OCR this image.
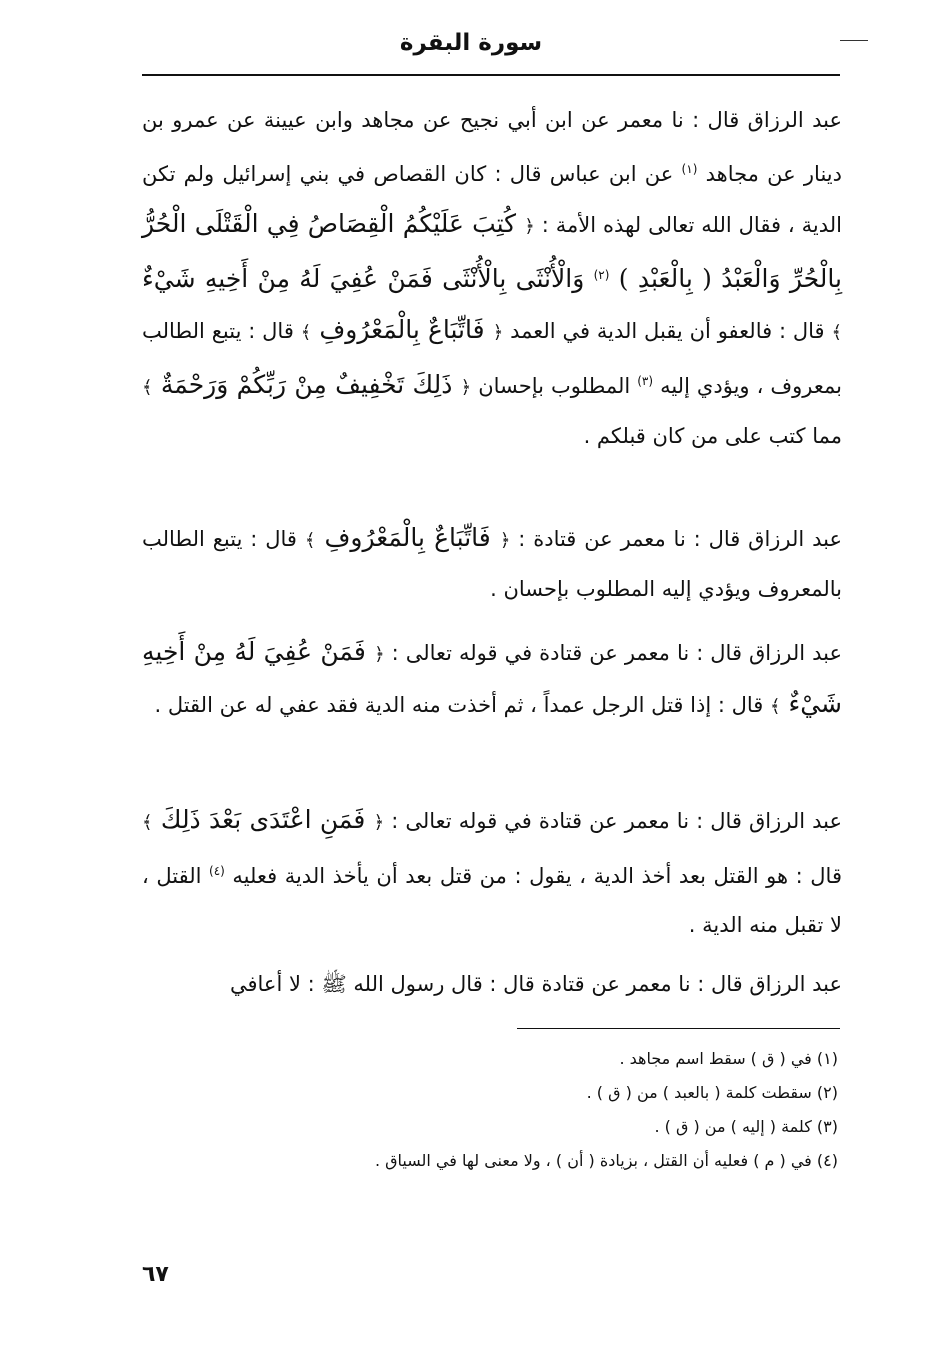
سورة البقرة

عبد الرزاق قال : نا معمر عن ابن أبي نجيح عن مجاهد وابن عيينة عن عمرو بن دينار عن مجاهد $^{(١)}$ عن ابن عباس قال : كان القصاص في بني إسرائيل ولم تكن الدية ، فقال الله تعالى لهذه الأمة : ﴿ كُتِبَ عَلَيْكُمُ الْقِصَاصُ فِي الْقَتْلَى الْحُرُّ بِالْحُرِّ وَالْعَبْدُ ( بِالْعَبْدِ ) $^{(٢)}$ وَالْأُنْثَى بِالْأُنْثَى فَمَنْ عُفِيَ لَهُ مِنْ أَخِيهِ شَيْءٌ ﴾ قال : فالعفو أن يقبل الدية في العمد ﴿ فَاتِّبَاعٌ بِالْمَعْرُوفِ ﴾ قال : يتبع الطالب بمعروف ، ويؤدي إليه $^{(٣)}$ المطلوب بإحسان ﴿ ذَلِكَ تَخْفِيفٌ مِنْ رَبِّكُمْ وَرَحْمَةٌ ﴾ مما كتب على من كان قبلكم .

عبد الرزاق قال : نا معمر عن قتادة : ﴿ فَاتِّبَاعٌ بِالْمَعْرُوفِ ﴾ قال : يتبع الطالب بالمعروف ويؤدي إليه المطلوب بإحسان .

عبد الرزاق قال : نا معمر عن قتادة في قوله تعالى : ﴿ فَمَنْ عُفِيَ لَهُ مِنْ أَخِيهِ شَيْءٌ ﴾ قال : إذا قتل الرجل عمداً ، ثم أخذت منه الدية فقد عفي له عن القتل .

عبد الرزاق قال : نا معمر عن قتادة في قوله تعالى : ﴿ فَمَنِ اعْتَدَى بَعْدَ ذَلِكَ ﴾ قال : هو القتل بعد أخذ الدية ، يقول : من قتل بعد أن يأخذ الدية فعليه $^{(٤)}$ القتل ، لا تقبل منه الدية .

عبد الرزاق قال : نا معمر عن قتادة قال : قال رسول الله ﷺ : لا أعافي

(١) في ( ق ) سقط اسم مجاهد .

(٢) سقطت كلمة ( بالعبد ) من ( ق ) .

(٣) كلمة ( إليه ) من ( ق ) .

(٤) في ( م ) فعليه أن القتل ، بزيادة ( أن ) ، ولا معنى لها في السياق .

٦٧
